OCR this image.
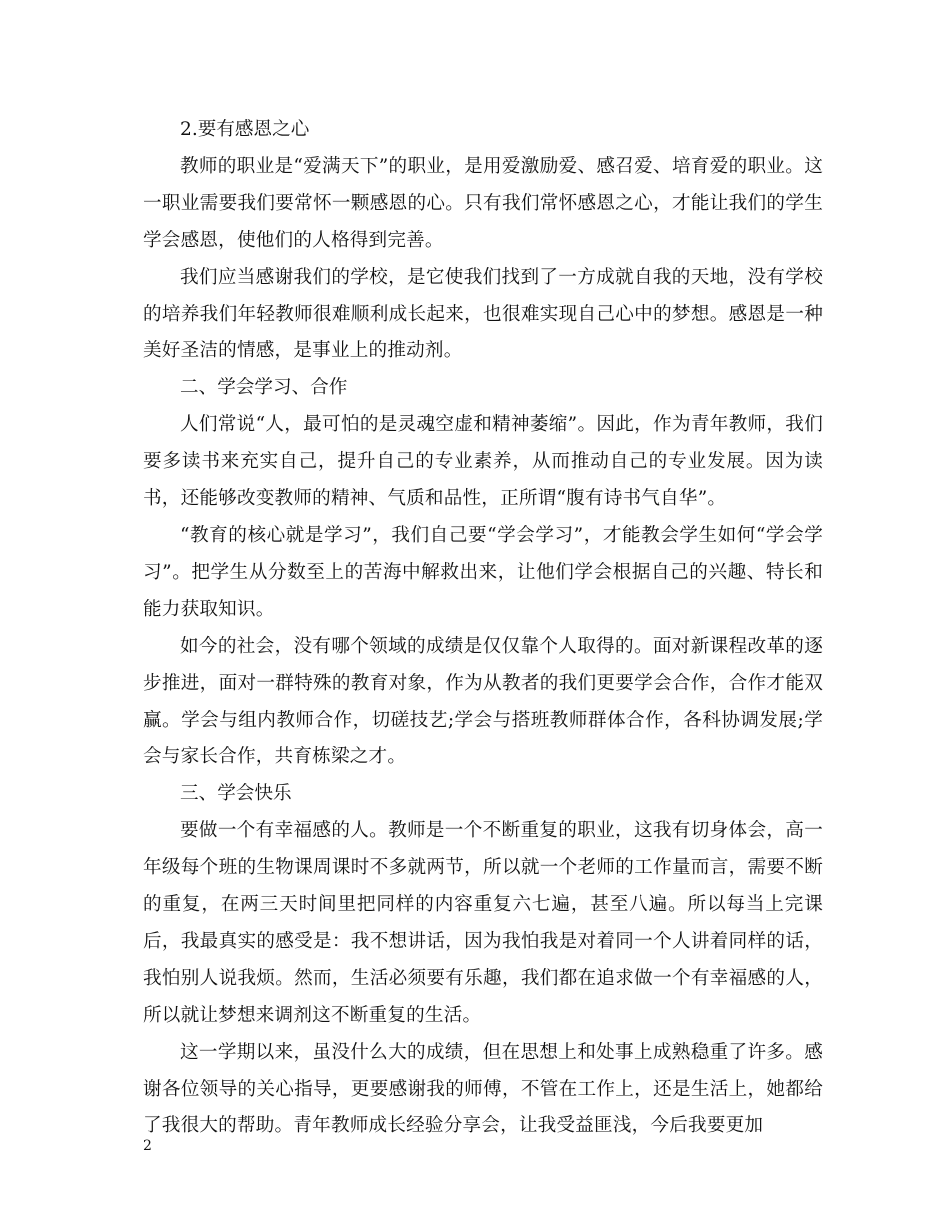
2.要有感恩之心

教师的职业是“爱满天下”的职业，是用爱激励爱、感召爱、培育爱的职业。这一职业需要我们要常怀一颗感恩的心。只有我们常怀感恩之心，才能让我们的学生学会感恩，使他们的人格得到完善。

我们应当感谢我们的学校，是它使我们找到了一方成就自我的天地，没有学校的培养我们年轻教师很难顺利成长起来，也很难实现自己心中的梦想。感恩是一种美好圣洁的情感，是事业上的推动剂。

二、学会学习、合作

人们常说“人，最可怕的是灵魂空虚和精神萎缩”。因此，作为青年教师，我们要多读书来充实自己，提升自己的专业素养，从而推动自己的专业发展。因为读书，还能够改变教师的精神、气质和品性，正所谓“腹有诗书气自华”。

“教育的核心就是学习”，我们自己要“学会学习”，才能教会学生如何“学会学习”。把学生从分数至上的苦海中解救出来，让他们学会根据自己的兴趣、特长和能力获取知识。

如今的社会，没有哪个领域的成绩是仅仅靠个人取得的。面对新课程改革的逐步推进，面对一群特殊的教育对象，作为从教者的我们更要学会合作，合作才能双赢。学会与组内教师合作，切磋技艺;学会与搭班教师群体合作，各科协调发展;学会与家长合作，共育栋梁之才。

三、学会快乐

要做一个有幸福感的人。教师是一个不断重复的职业，这我有切身体会，高一年级每个班的生物课周课时不多就两节，所以就一个老师的工作量而言，需要不断的重复，在两三天时间里把同样的内容重复六七遍，甚至八遍。所以每当上完课后，我最真实的感受是：我不想讲话，因为我怕我是对着同一个人讲着同样的话，我怕别人说我烦。然而，生活必须要有乐趣，我们都在追求做一个有幸福感的人，所以就让梦想来调剂这不断重复的生活。

这一学期以来，虽没什么大的成绩，但在思想上和处事上成熟稳重了许多。感谢各位领导的关心指导，更要感谢我的师傅，不管在工作上，还是生活上，她都给了我很大的帮助。青年教师成长经验分享会，让我受益匪浅，今后我要更加

2
